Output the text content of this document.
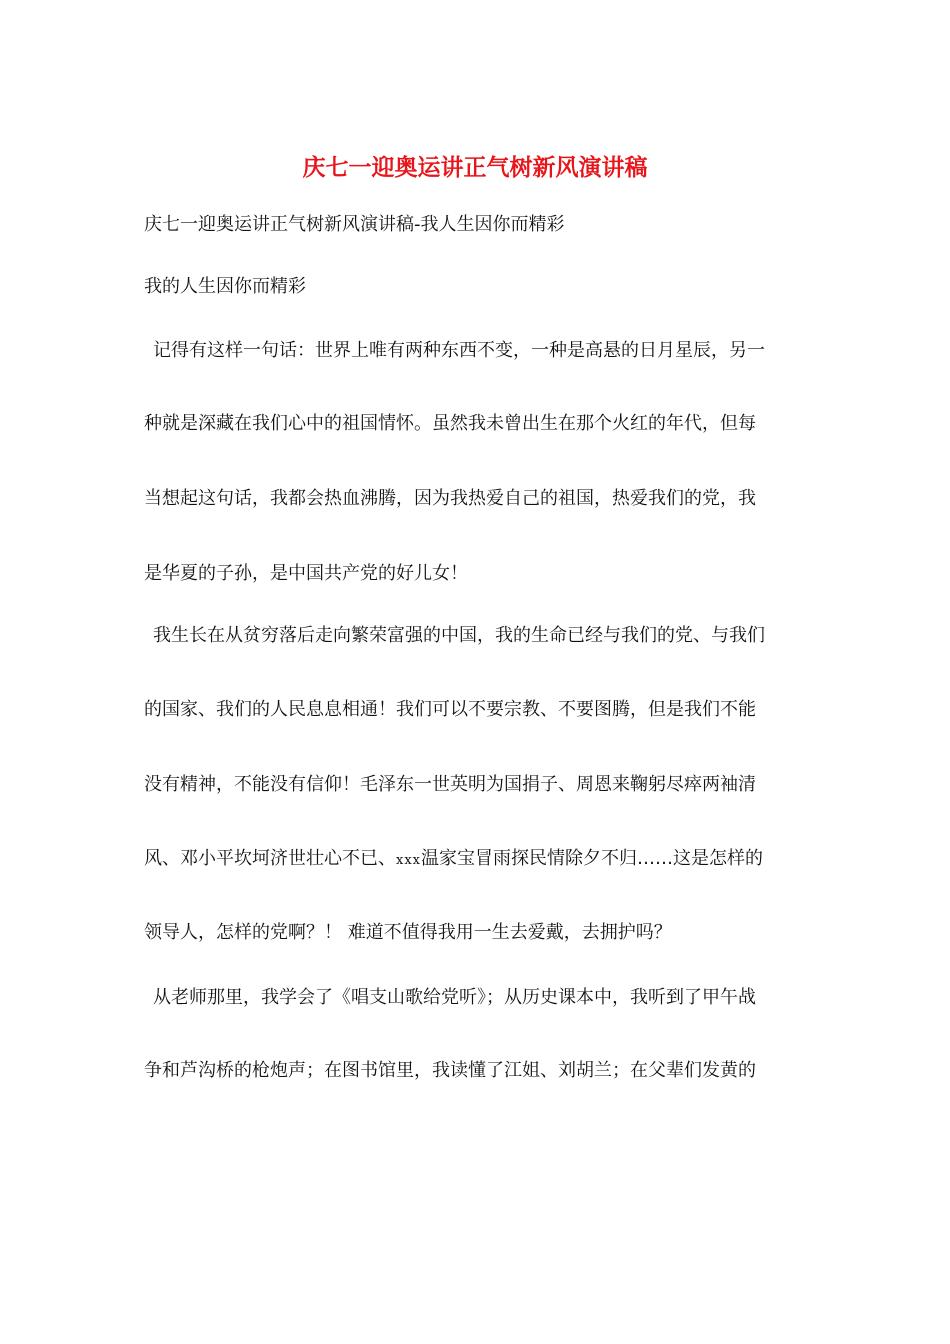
庆七一迎奥运讲正气树新风演讲稿
庆七一迎奥运讲正气树新风演讲稿-我人生因你而精彩
我的人生因你而精彩
记得有这样一句话：世界上唯有两种东西不变，一种是高悬的日月星辰，另一
种就是深藏在我们心中的祖国情怀。虽然我未曾出生在那个火红的年代，但每
当想起这句话，我都会热血沸腾，因为我热爱自己的祖国，热爱我们的党，我
是华夏的子孙，是中国共产党的好儿女！
我生长在从贫穷落后走向繁荣富强的中国，我的生命已经与我们的党、与我们
的国家、我们的人民息息相通！我们可以不要宗教、不要图腾，但是我们不能
没有精神，不能没有信仰！毛泽东一世英明为国捐子、周恩来鞠躬尽瘁两袖清
风、邓小平坎坷济世壮心不已、xxx温家宝冒雨探民情除夕不归……这是怎样的
领导人，怎样的党啊？！ 难道不值得我用一生去爱戴，去拥护吗？
从老师那里，我学会了《唱支山歌给党听》；从历史课本中，我听到了甲午战
争和芦沟桥的枪炮声；在图书馆里，我读懂了江姐、刘胡兰；在父辈们发黄的
